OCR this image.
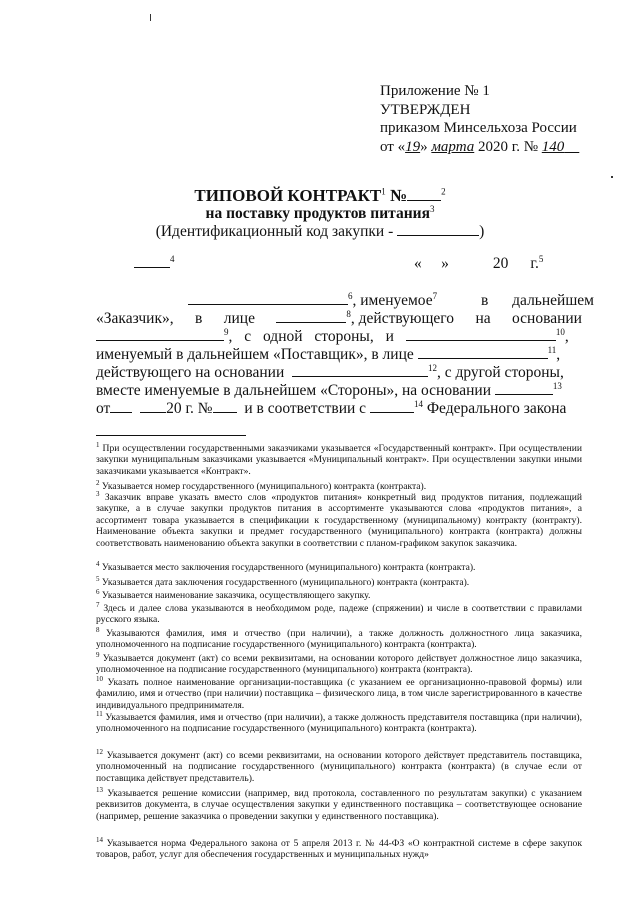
Приложение № 1
УТВЕРЖДЕН
приказом Минсельхоза России
от «19» марта 2020 г. № 140
ТИПОВОЙ КОНТРАКТ$^1$ №	$^2$
на поставку продуктов питания$^3$
(Идентификационный код закупки -	)
$^4$	« »	20 г.$^5$
$^6$, именуемое$^7$ в дальнейшем
«Заказчик», в лице	$^8$, действующего на основании
$^9$, с одной стороны, и	$^{10}$,
именуемый в дальнейшем «Поставщик», в лице	$^{11}$,
действующего на основании	$^{12}$, с другой стороны,
вместе именуемые в дальнейшем «Стороны», на основании	$^{13}$
от	20 г. № и в соответствии с	$^{14}$ Федерального закона
$^1$ При осуществлении государственными заказчиками указывается «Государственный контракт». При осуществлении закупки муниципальным заказчиками указывается «Муниципальный контракт». При осуществлении закупки иными заказчиками указывается «Контракт».
$^2$ Указывается номер государственного (муниципального) контракта (контракта).
$^3$ Заказчик вправе указать вместо слов «продуктов питания» конкретный вид продуктов питания, подлежащий закупке, а в случае закупки продуктов питания в ассортименте указываются слова «продуктов питания», а ассортимент товара указывается в спецификации к государственному (муниципальному) контракту (контракту). Наименование объекта закупки и предмет государственного (муниципального) контракта (контракта) должны соответствовать наименованию объекта закупки в соответствии с планом-графиком закупок заказчика.
$^4$ Указывается место заключения государственного (муниципального) контракта (контракта).
$^5$ Указывается дата заключения государственного (муниципального) контракта (контракта).
$^6$ Указывается наименование заказчика, осуществляющего закупку.
$^7$ Здесь и далее слова указываются в необходимом роде, падеже (спряжении) и числе в соответствии с правилами русского языка.
$^8$ Указываются фамилия, имя и отчество (при наличии), а также должность должностного лица заказчика, уполномоченного на подписание государственного (муниципального) контракта (контракта).
$^9$ Указывается документ (акт) со всеми реквизитами, на основании которого действует должностное лицо заказчика, уполномоченное на подписание государственного (муниципального) контракта (контракта).
$^{10}$ Указать полное наименование организации-поставщика (с указанием ее организационно-правовой формы) или фамилию, имя и отчество (при наличии) поставщика – физического лица, в том числе зарегистрированного в качестве индивидуального предпринимателя.
$^{11}$ Указывается фамилия, имя и отчество (при наличии), а также должность представителя поставщика (при наличии), уполномоченного на подписание государственного (муниципального) контракта (контракта).
$^{12}$ Указывается документ (акт) со всеми реквизитами, на основании которого действует представитель поставщика, уполномоченный на подписание государственного (муниципального) контракта (контракта) (в случае если от поставщика действует представитель).
$^{13}$ Указывается решение комиссии (например, вид протокола, составленного по результатам закупки) с указанием реквизитов документа, в случае осуществления закупки у единственного поставщика – соответствующее основание (например, решение заказчика о проведении закупки у единственного поставщика).
$^{14}$ Указывается норма Федерального закона от 5 апреля 2013 г. № 44-ФЗ «О контрактной системе в сфере закупок товаров, работ, услуг для обеспечения государственных и муниципальных нужд»
